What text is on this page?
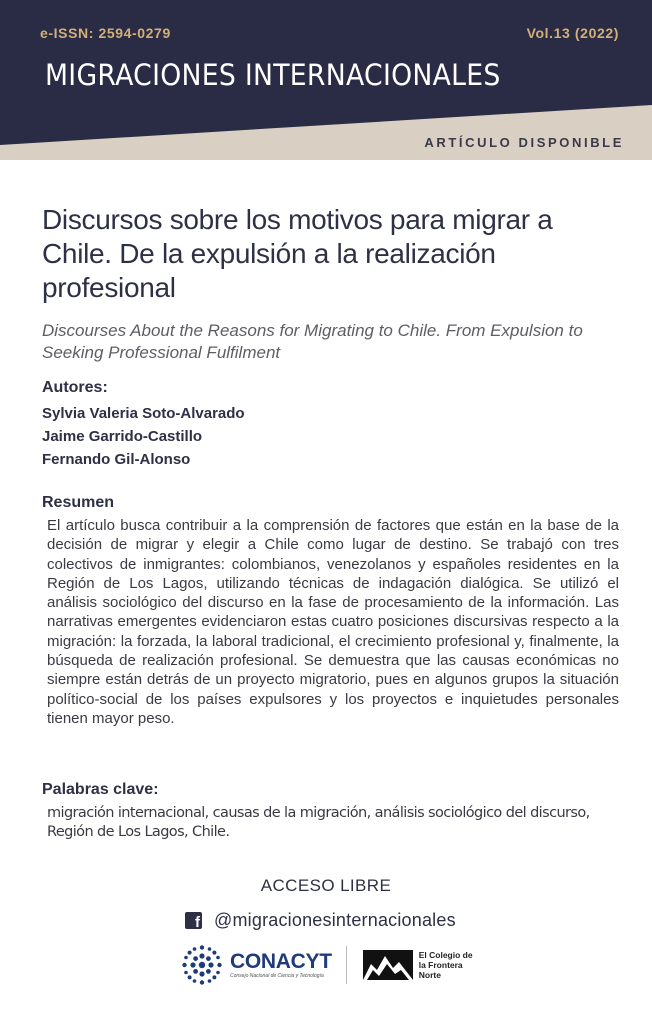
e-ISSN: 2594-0279	Vol.13 (2022)
MIGRACIONES INTERNACIONALES
ARTÍCULO DISPONIBLE
Discursos sobre los motivos para migrar a Chile. De la expulsión a la realización profesional

Discourses About the Reasons for Migrating to Chile. From Expulsion to Seeking Professional Fulfilment

Autores:
Sylvia Valeria Soto-Alvarado
Jaime Garrido-Castillo
Fernando Gil-Alonso
Resumen

El artículo busca contribuir a la comprensión de factores que están en la base de la decisión de migrar y elegir a Chile como lugar de destino. Se trabajó con tres colectivos de inmigrantes: colombianos, venezolanos y españoles residentes en la Región de Los Lagos, utilizando técnicas de indagación dialógica. Se utilizó el análisis sociológico del discurso en la fase de procesamiento de la información. Las narrativas emergentes evidenciaron estas cuatro posiciones discursivas respecto a la migración: la forzada, la laboral tradicional, el crecimiento profesional y, finalmente, la búsqueda de realización profesional. Se demuestra que las causas económicas no siempre están detrás de un proyecto migratorio, pues en algunos grupos la situación político-social de los países expulsores y los proyectos e inquietudes personales tienen mayor peso.

Palabras clave:

migración internacional, causas de la migración, análisis sociológico del discurso, Región de Los Lagos, Chile.

ACCESO LIBRE

f @migracionesinternacionales
CONACYT
Consejo Nacional de Ciencia y Tecnología
El Colegio de la Frontera Norte
